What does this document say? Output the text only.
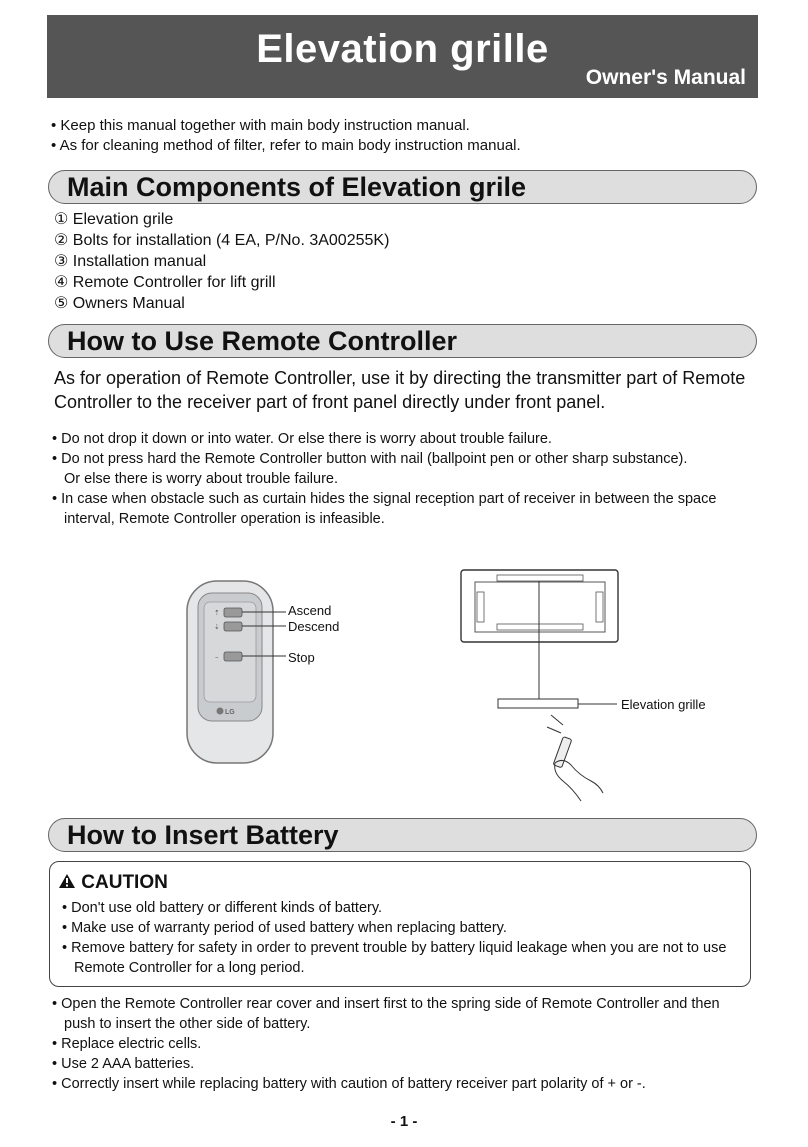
Elevation grille
Owner's Manual
• Keep this manual together with main body instruction manual.
• As for cleaning method of filter, refer to main body instruction manual.
Main Components of Elevation grile
① Elevation grile
② Bolts for installation (4 EA, P/No. 3A00255K)
③ Installation manual
④ Remote Controller for lift grill
⑤ Owners Manual
How to Use Remote Controller
As for operation of Remote Controller, use it by directing the transmitter part of Remote Controller to the receiver part of front panel directly under front panel.
• Do not drop it down or into water. Or else there is worry about trouble failure.
• Do not press hard the Remote Controller button with nail (ballpoint pen or other sharp substance).
Or else there is worry about trouble failure.
• In case when obstacle such as curtain hides the signal reception part of receiver in between the space
interval, Remote Controller operation is infeasible.
⇡
⇣
–
LG
Ascend
Descend
Stop
Elevation grille
How to Insert Battery
CAUTION
• Don't use old battery or different kinds of battery.
• Make use of warranty period of used battery when replacing battery.
• Remove battery for safety in order to prevent trouble by battery liquid leakage when you are not to use
Remote Controller for a long period.
• Open the Remote Controller rear cover and insert first to the spring side of Remote Controller and then
push to insert the other side of battery.
• Replace electric cells.
• Use 2 AAA batteries.
• Correctly insert while replacing battery with caution of battery receiver part polarity of + or -.
- 1 -
